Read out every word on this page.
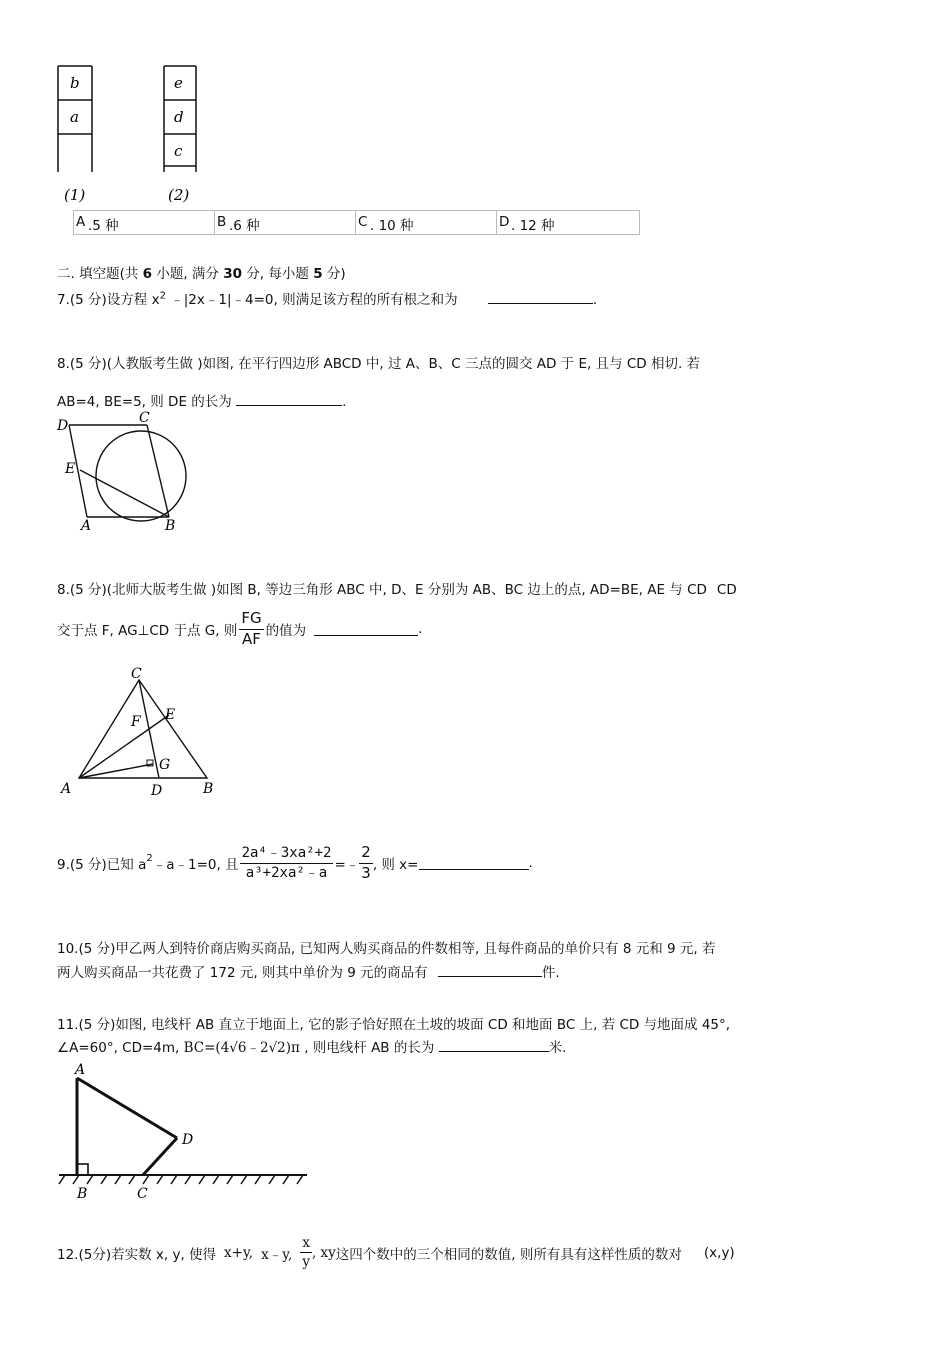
b
a
e
d
c
(1)	(2)
A .5 种	B .6 种	C . 10 种	D . 12 种
二. 填空题(共 6 小题, 满分 30 分, 每小题 5 分)
7.(5 分)设方程 $x^2$ ﹣|2x﹣1|﹣4=0, 则满足该方程的所有根之和为	.
8.(5 分)(人教版考生做 )如图, 在平行四边形 ABCD 中, 过 A、B、C 三点的圆交 AD 于 E, 且与 CD 相切. 若
AB=4, BE=5, 则 DE 的长为	.
D	C
E
A	B
8.(5 分)(北师大版考生做 )如图 B, 等边三角形 ABC 中, D、E 分别为 AB、BC 边上的点, AD=BE, AE 与 CD CD
交于点 F, AG⊥CD 于点 G, 则 $\frac{FG}{AF}$ 的值为	.
C
F E
G
A	D	B
9.(5 分)已知 $a^2$ ﹣a﹣1=0, 且 $\frac{\text{2a⁴﹣3xa²+2}}{\text{a³+2xa²﹣a}}$ =﹣ $\frac{2}{3}$ , 则 x=	.
10.(5 分)甲乙两人到特价商店购买商品, 已知两人购买商品的件数相等, 且每件商品的单价只有 8 元和 9 元, 若
两人购买商品一共花费了 172 元, 则其中单价为 9 元的商品有	件.
11.(5 分)如图, 电线杆 AB 直立于地面上, 它的影子恰好照在土坡的坡面 CD 和地面 BC 上, 若 CD 与地面成 45°,
∠A=60°, CD=4m, BC=(4√6﹣2√2)π , 则电线杆 AB 的长为	米.
A
D
B	C
12.(5分)若实数 x, y, 使得 x+y, x﹣y, $\frac{x}{y}$ , xy 这四个数中的三个相同的数值, 则所有具有这样性质的数对 (x,y)
